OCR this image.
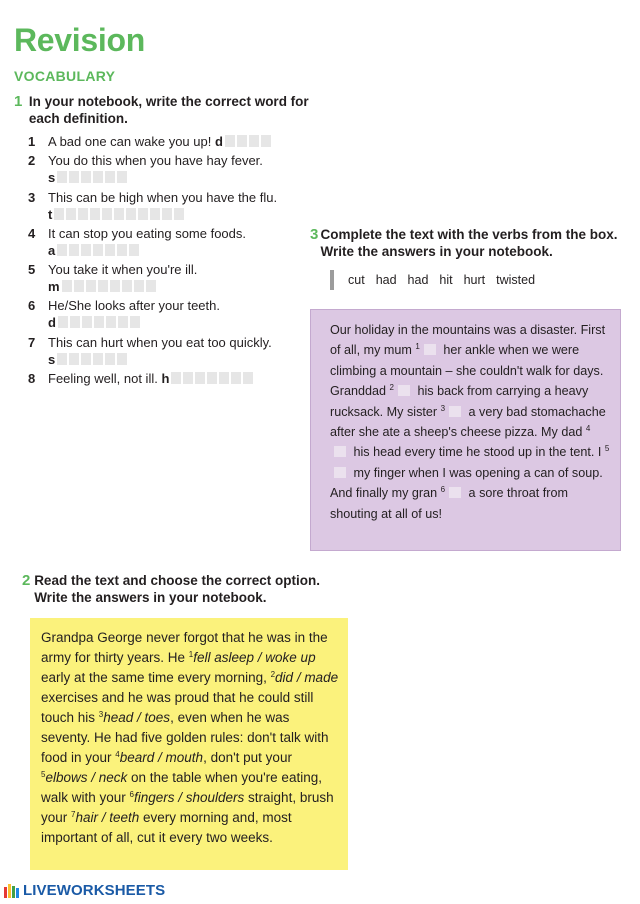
Revision
VOCABULARY
1 In your notebook, write the correct word for each definition.
1 A bad one can wake you up! d
2 You do this when you have hay fever.
s
3 This can be high when you have the flu.
t
4 It can stop you eating some foods.
a
5 You take it when you're ill.
m
6 He/She looks after your teeth.
d
7 This can hurt when you eat too quickly.
s
8 Feeling well, not ill. h
3 Complete the text with the verbs from the box. Write the answers in your notebook.
cut had had hit hurt twisted
Our holiday in the mountains was a disaster. First of all, my mum $^1$ her ankle when we were climbing a mountain – she couldn't walk for days. Granddad $^2$ his back from carrying a heavy rucksack. My sister $^3$ a very bad stomachache after she ate a sheep's cheese pizza. My dad $^4$ his head every time he stood up in the tent. I $^5$ my finger when I was opening a can of soup. And finally my gran $^6$ a sore throat from shouting at all of us!
2 Read the text and choose the correct option. Write the answers in your notebook.
Grandpa George never forgot that he was in the army for thirty years. He $^1$fell asleep / woke up early at the same time every morning, $^2$did / made exercises and he was proud that he could still touch his $^3$head / toes, even when he was seventy. He had five golden rules: don't talk with food in your $^4$beard / mouth, don't put your $^5$elbows / neck on the table when you're eating, walk with your $^6$fingers / shoulders straight, brush your $^7$hair / teeth every morning and, most important of all, cut it every two weeks.
LIVEWORKSHEETS
